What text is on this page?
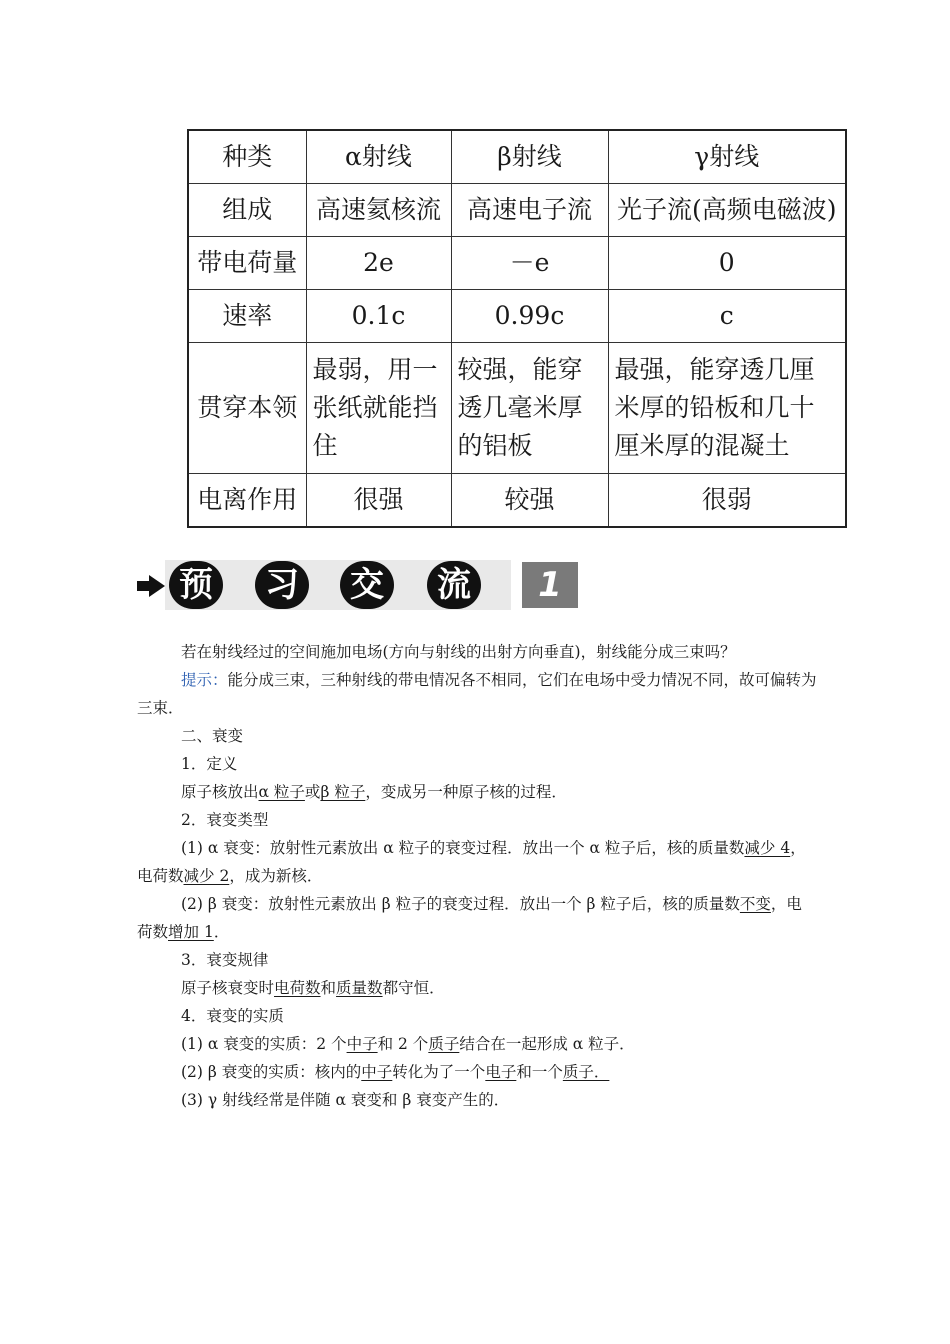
种类	α射线	β射线	γ射线
组成	高速氦核流	高速电子流	光子流(高频电磁波)
带电荷量	2e	－e	0
速率	0.1c	0.99c	c
贯穿本领	最弱，用一张纸就能挡住	较强，能穿透几毫米厚的铝板	最强，能穿透几厘米厚的铅板和几十厘米厚的混凝土
电离作用	很强	较强	很弱
预 习 交 流	1

若在射线经过的空间施加电场(方向与射线的出射方向垂直)，射线能分成三束吗？

提示：能分成三束，三种射线的带电情况各不相同，它们在电场中受力情况不同，故可偏转为三束．

二、衰变

1．定义

原子核放出α 粒子或β 粒子，变成另一种原子核的过程．

2．衰变类型

(1) α 衰变：放射性元素放出 α 粒子的衰变过程．放出一个 α 粒子后，核的质量数减少 4，电荷数减少 2，成为新核．

(2) β 衰变：放射性元素放出 β 粒子的衰变过程．放出一个 β 粒子后，核的质量数不变，电荷数增加 1．

3．衰变规律

原子核衰变时电荷数和质量数都守恒．

4．衰变的实质

(1) α 衰变的实质：2 个中子和 2 个质子结合在一起形成 α 粒子．

(2) β 衰变的实质：核内的中子转化为了一个电子和一个质子．

(3) γ 射线经常是伴随 α 衰变和 β 衰变产生的．
